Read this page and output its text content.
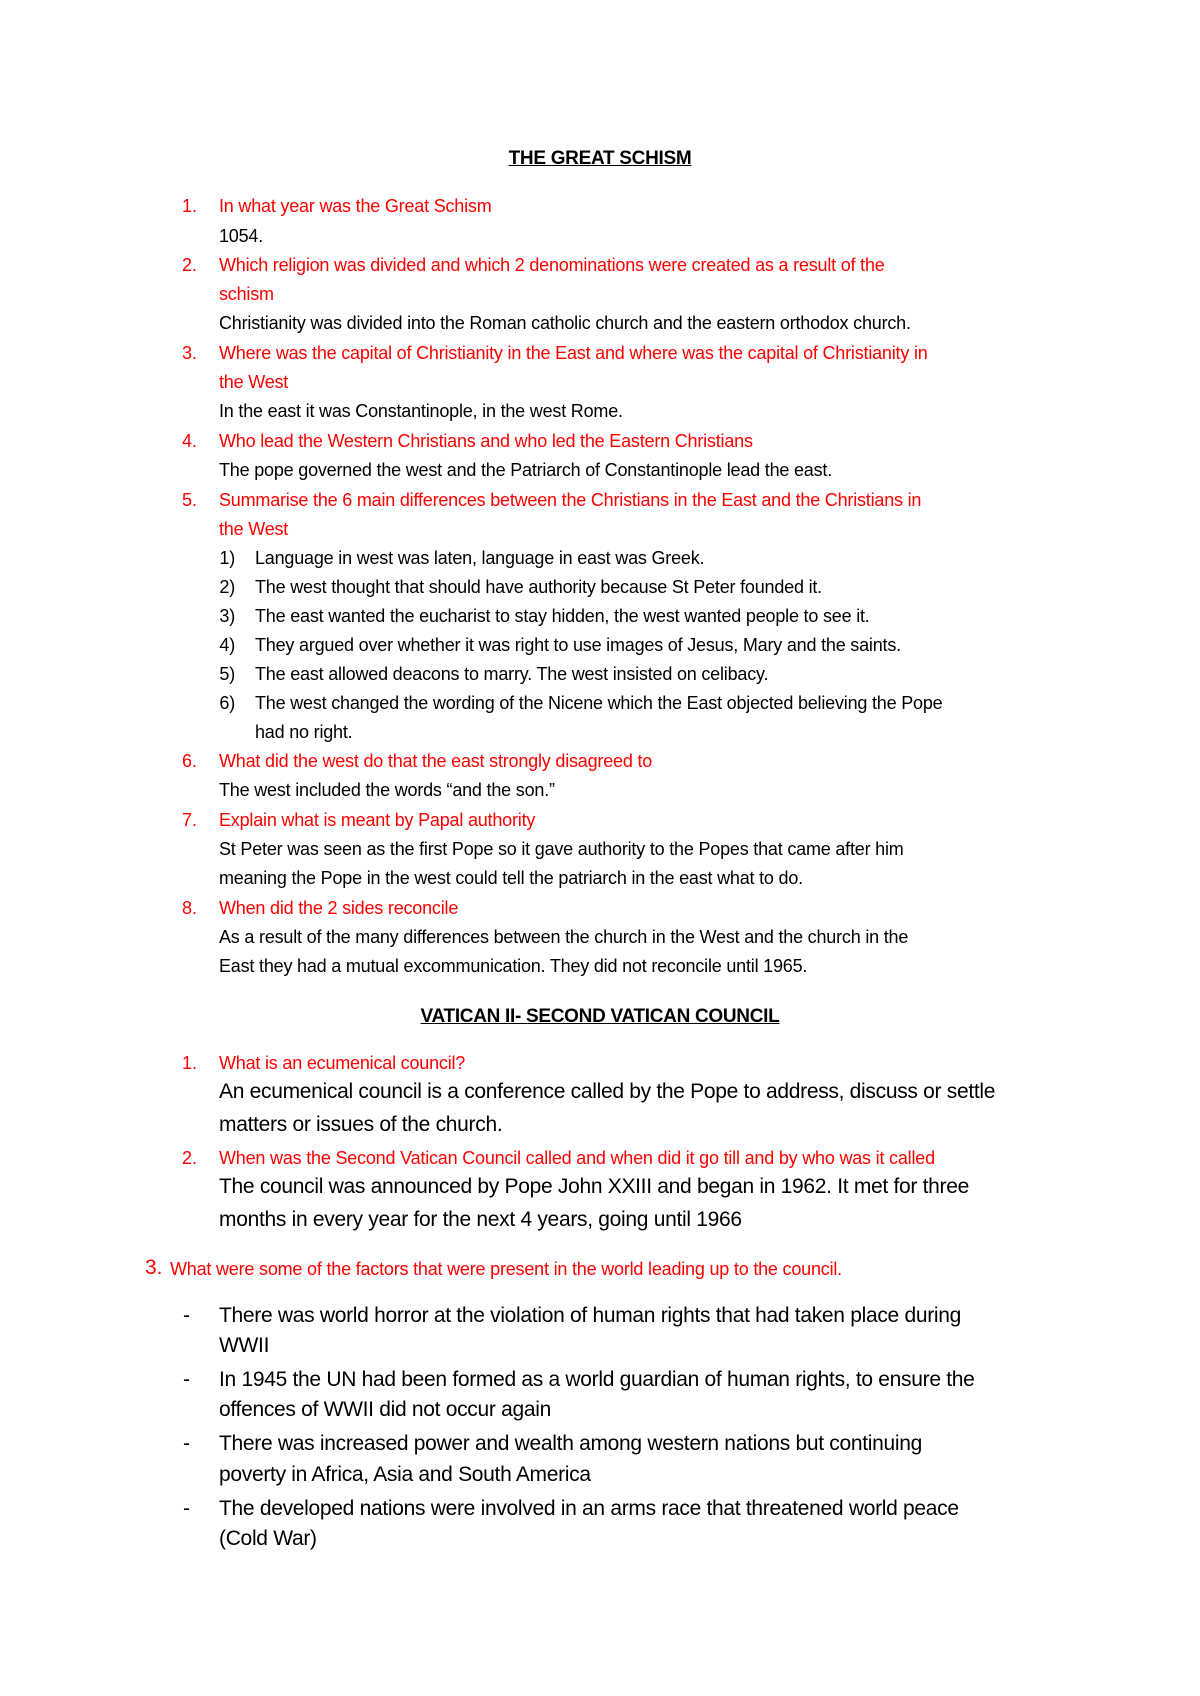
THE GREAT SCHISM
1. In what year was the Great Schism
1054.
2. Which religion was divided and which 2 denominations were created as a result of the
schism
Christianity was divided into the Roman catholic church and the eastern orthodox church.
3. Where was the capital of Christianity in the East and where was the capital of Christianity in
the West
In the east it was Constantinople, in the west Rome.
4. Who lead the Western Christians and who led the Eastern Christians
The pope governed the west and the Patriarch of Constantinople lead the east.
5. Summarise the 6 main differences between the Christians in the East and the Christians in
the West
1) Language in west was laten, language in east was Greek.
2) The west thought that should have authority because St Peter founded it.
3) The east wanted the eucharist to stay hidden, the west wanted people to see it.
4) They argued over whether it was right to use images of Jesus, Mary and the saints.
5) The east allowed deacons to marry. The west insisted on celibacy.
6) The west changed the wording of the Nicene which the East objected believing the Pope
had no right.
6. What did the west do that the east strongly disagreed to
The west included the words “and the son.”
7. Explain what is meant by Papal authority
St Peter was seen as the first Pope so it gave authority to the Popes that came after him
meaning the Pope in the west could tell the patriarch in the east what to do.
8. When did the 2 sides reconcile
As a result of the many differences between the church in the West and the church in the
East they had a mutual excommunication. They did not reconcile until 1965.
VATICAN II- SECOND VATICAN COUNCIL
1. What is an ecumenical council?
An ecumenical council is a conference called by the Pope to address, discuss or settle
matters or issues of the church.
2. When was the Second Vatican Council called and when did it go till and by who was it called
The council was announced by Pope John XXIII and began in 1962. It met for three
months in every year for the next 4 years, going until 1966
3. What were some of the factors that were present in the world leading up to the council.
- There was world horror at the violation of human rights that had taken place during
WWII
- In 1945 the UN had been formed as a world guardian of human rights, to ensure the
offences of WWII did not occur again
- There was increased power and wealth among western nations but continuing
poverty in Africa, Asia and South America
- The developed nations were involved in an arms race that threatened world peace
(Cold War)
